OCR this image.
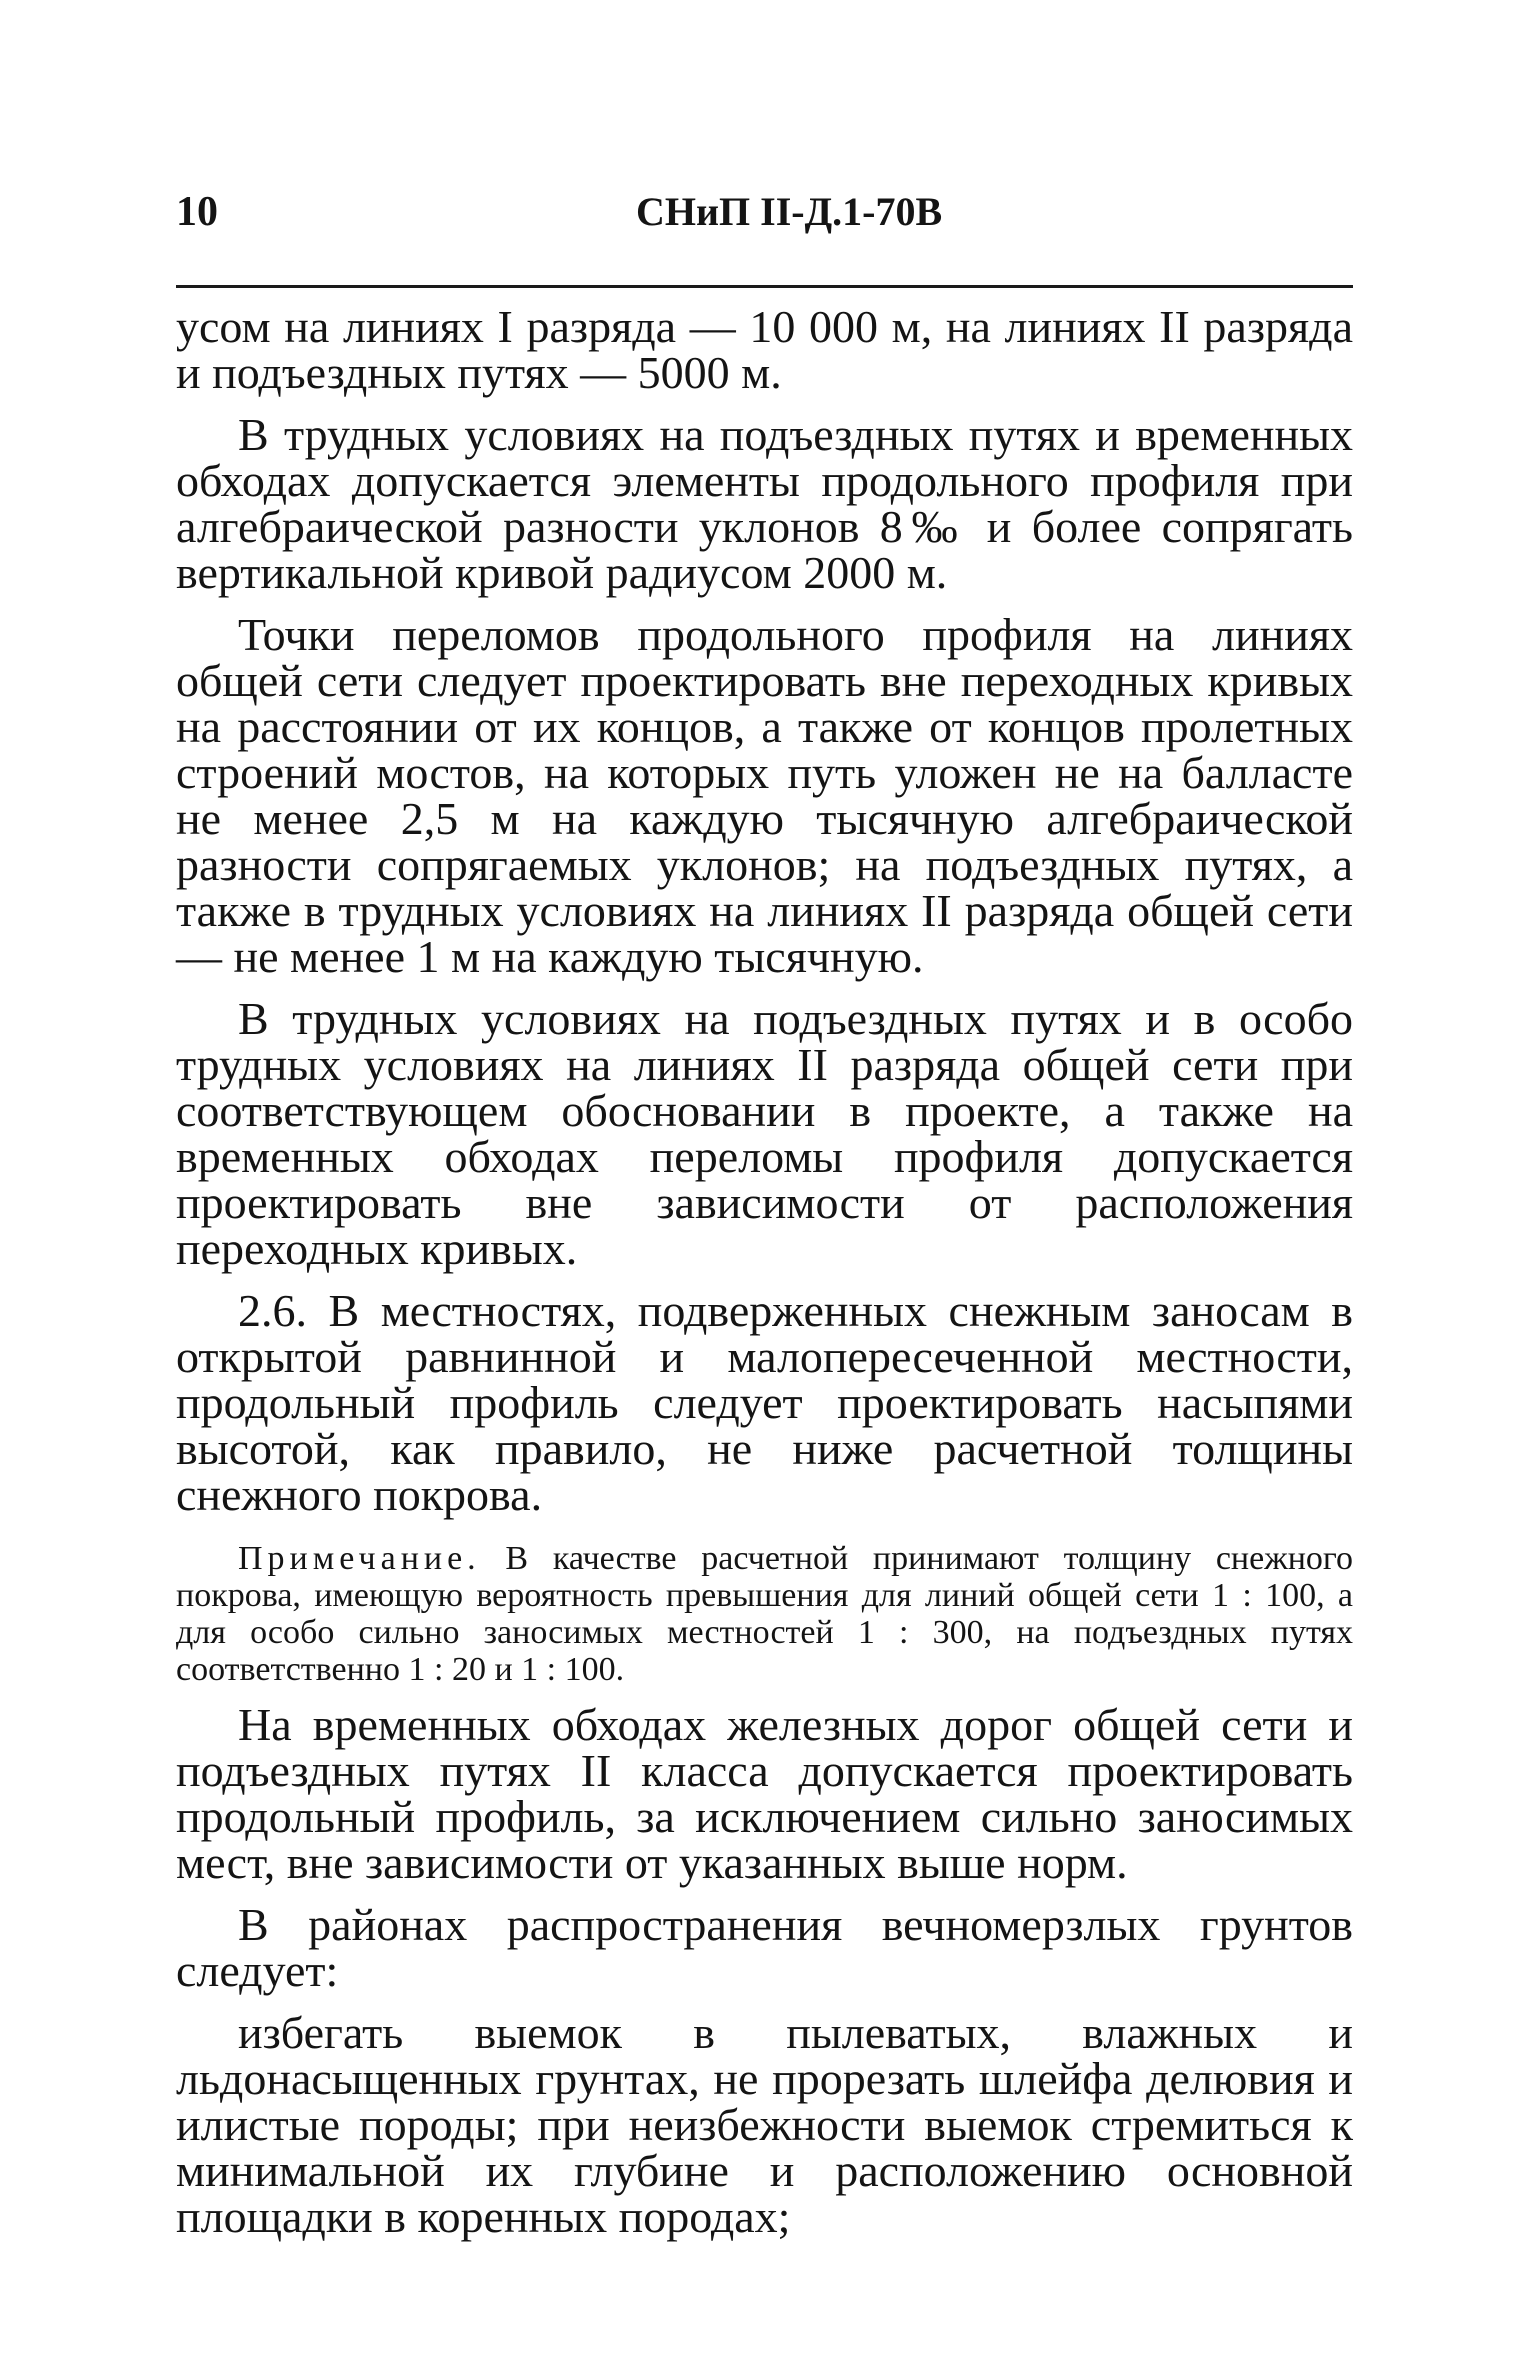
10	СНиП II-Д.1-70В

усом на линиях I разряда — 10 000 м, на линиях II разряда и подъездных путях — 5000 м.

В трудных условиях на подъездных путях и временных обходах допускается элементы продольного профиля при алгебраической разности уклонов 8‰ и более сопрягать вертикальной кривой радиусом 2000 м.

Точки переломов продольного профиля на линиях общей сети следует проектировать вне переходных кривых на расстоянии от их концов, а также от концов пролетных строений мостов, на которых путь уложен не на балласте не менее 2,5 м на каждую тысячную алгебраической разности сопрягаемых уклонов; на подъездных путях, а также в трудных условиях на линиях II разряда общей сети — не менее 1 м на каждую тысячную.

В трудных условиях на подъездных путях и в особо трудных условиях на линиях II разряда общей сети при соответствующем обосновании в проекте, а также на временных обходах переломы профиля допускается проектировать вне зависимости от расположения переходных кривых.

2.6. В местностях, подверженных снежным заносам в открытой равнинной и малопересеченной местности, продольный профиль следует проектировать насыпями высотой, как правило, не ниже расчетной толщины снежного покрова.

Примечание. В качестве расчетной принимают толщину снежного покрова, имеющую вероятность превышения для линий общей сети 1 : 100, а для особо сильно заносимых местностей 1 : 300, на подъездных путях соответственно 1 : 20 и 1 : 100.

На временных обходах железных дорог общей сети и подъездных путях II класса допускается проектировать продольный профиль, за исключением сильно заносимых мест, вне зависимости от указанных выше норм.

В районах распространения вечномерзлых грунтов следует:

избегать выемок в пылеватых, влажных и льдонасыщенных грунтах, не прорезать шлейфа делювия и илистые породы; при неизбежности выемок стремиться к минимальной их глубине и расположению основной площадки в коренных породах;
